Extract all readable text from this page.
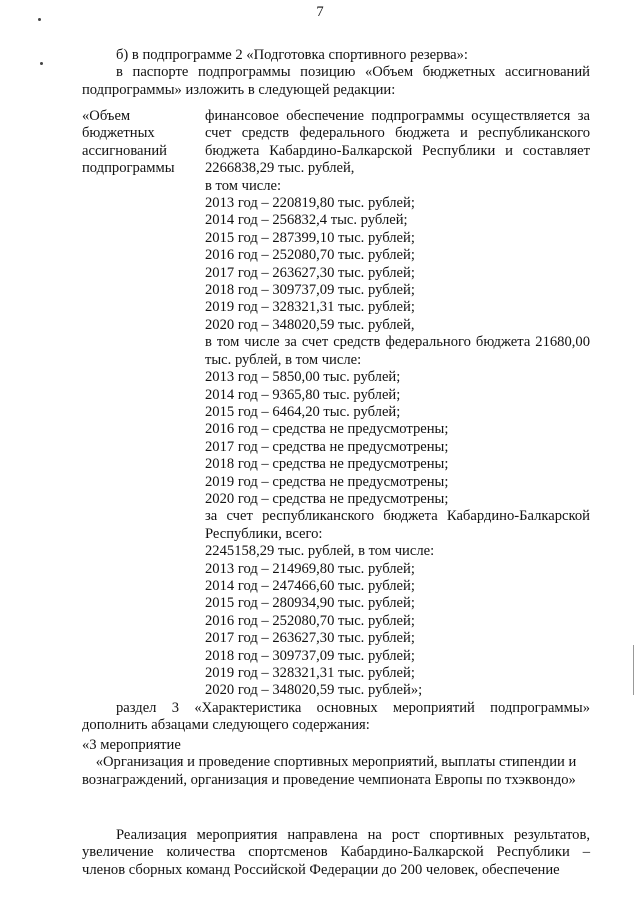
7

б) в подпрограмме 2 «Подготовка спортивного резерва»:

в паспорте подпрограммы позицию «Объем бюджетных ассигнований подпрограммы» изложить в следующей редакции:

«Объем
бюджетных
ассигнований
подпрограммы
финансовое обеспечение подпрограммы осуществляется за счет средств федерального бюджета и республиканского бюджета Кабардино-Балкарской Республики и составляет 2266838,29 тыс. рублей,
в том числе:
2013 год – 220819,80 тыс. рублей;
2014 год – 256832,4 тыс. рублей;
2015 год – 287399,10 тыс. рублей;
2016 год – 252080,70 тыс. рублей;
2017 год – 263627,30 тыс. рублей;
2018 год – 309737,09 тыс. рублей;
2019 год – 328321,31 тыс. рублей;
2020 год – 348020,59 тыс. рублей,
в том числе за счет средств федерального бюджета 21680,00 тыс. рублей, в том числе:
2013 год – 5850,00 тыс. рублей;
2014 год – 9365,80 тыс. рублей;
2015 год – 6464,20 тыс. рублей;
2016 год – средства не предусмотрены;
2017 год – средства не предусмотрены;
2018 год – средства не предусмотрены;
2019 год – средства не предусмотрены;
2020 год – средства не предусмотрены;
за счет республиканского бюджета Кабардино-Балкарской Республики, всего:
2245158,29 тыс. рублей, в том числе:
2013 год – 214969,80 тыс. рублей;
2014 год – 247466,60 тыс. рублей;
2015 год – 280934,90 тыс. рублей;
2016 год – 252080,70 тыс. рублей;
2017 год – 263627,30 тыс. рублей;
2018 год – 309737,09 тыс. рублей;
2019 год – 328321,31 тыс. рублей;
2020 год – 348020,59 тыс. рублей»;

раздел 3 «Характеристика основных мероприятий подпрограммы» дополнить абзацами следующего содержания:

«3 мероприятие

«Организация и проведение спортивных мероприятий, выплаты стипендии и вознаграждений, организация и проведение чемпионата Европы по тхэквондо»

Реализация мероприятия направлена на рост спортивных результатов, увеличение количества спортсменов Кабардино-Балкарской Республики – членов сборных команд Российской Федерации до 200 человек, обеспечение
